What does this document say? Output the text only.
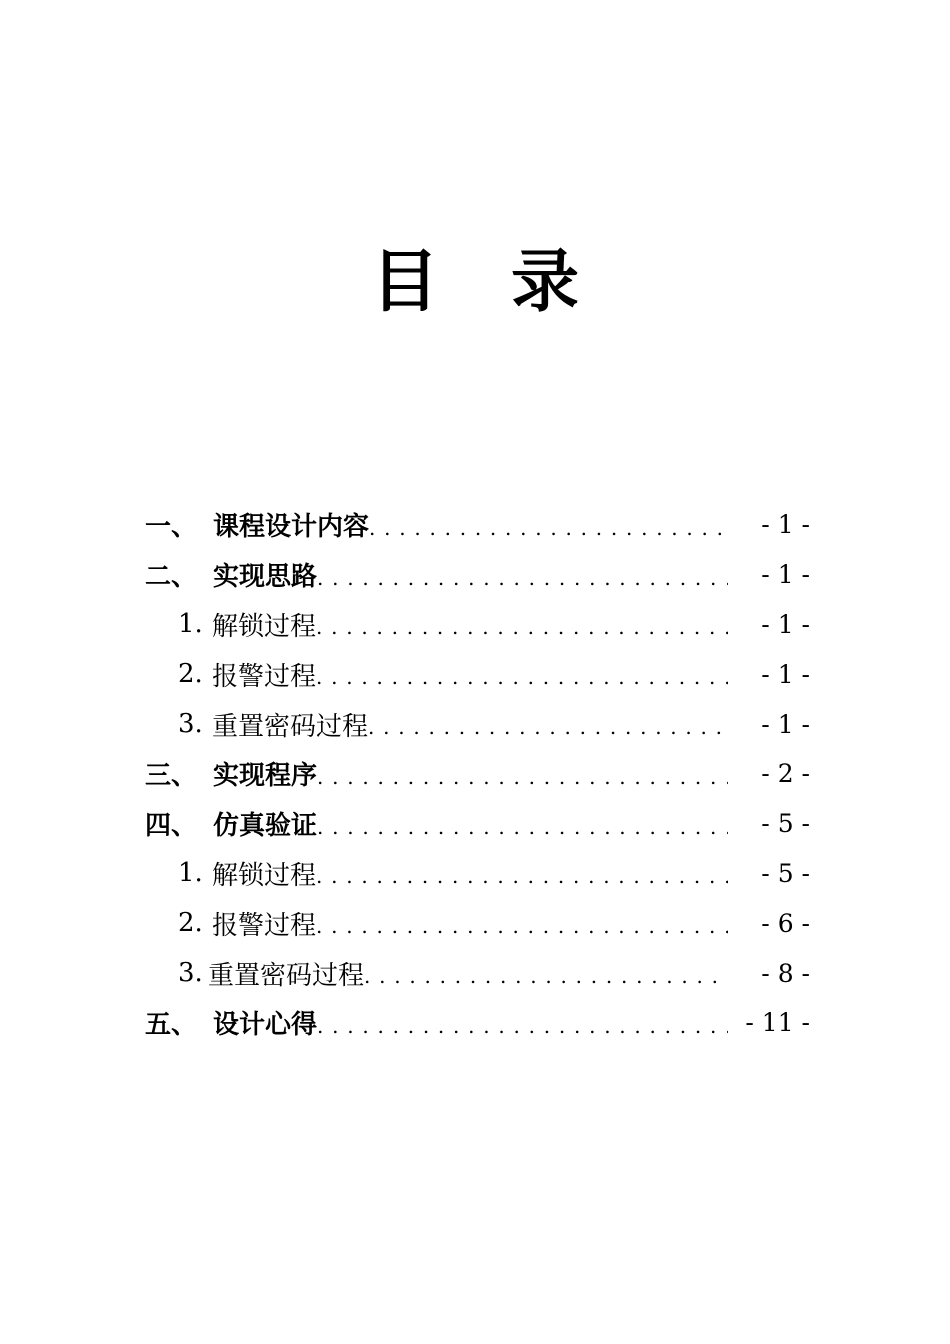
目 录
一、 课程设计内容 . . .	- 1 -
二、 实现思路 . . .	- 1 -
1. 解锁过程 . . .	- 1 -
2. 报警过程 . . .	- 1 -
3. 重置密码过程 . . .	- 1 -
三、 实现程序 . . .	- 2 -
四、 仿真验证 . . .	- 5 -
1. 解锁过程 . . .	- 5 -
2. 报警过程 . . .	- 6 -
3. 重置密码过程 . . .	- 8 -
五、 设计心得 . . .	- 11 -
